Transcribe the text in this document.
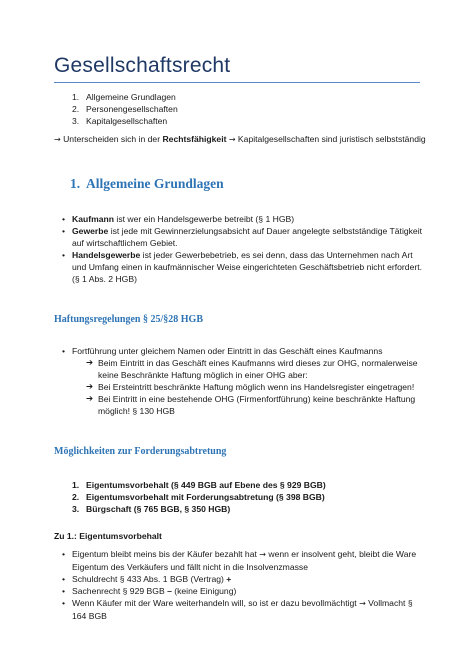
Gesellschaftsrecht
1. Allgemeine Grundlagen
2. Personengesellschaften
3. Kapitalgesellschaften
→ Unterscheiden sich in der Rechtsfähigkeit → Kapitalgesellschaften sind juristisch selbstständig
1. Allgemeine Grundlagen
• Kaufmann ist wer ein Handelsgewerbe betreibt (§ 1 HGB)
• Gewerbe ist jede mit Gewinnerzielungsabsicht auf Dauer angelegte selbstständige Tätigkeit auf wirtschaftlichem Gebiet.
• Handelsgewerbe ist jeder Gewerbebetrieb, es sei denn, dass das Unternehmen nach Art und Umfang einen in kaufmännischer Weise eingerichteten Geschäftsbetrieb nicht erfordert. (§ 1 Abs. 2 HGB)
Haftungsregelungen § 25/§28 HGB
• Fortführung unter gleichem Namen oder Eintritt in das Geschäft eines Kaufmanns
➔ Beim Eintritt in das Geschäft eines Kaufmanns wird dieses zur OHG, normalerweise keine Beschränkte Haftung möglich in einer OHG aber:
➔ Bei Ersteintritt beschränkte Haftung möglich wenn ins Handelsregister eingetragen!
➔ Bei Eintritt in eine bestehende OHG (Firmenfortführung) keine beschränkte Haftung möglich! § 130 HGB
Möglichkeiten zur Forderungsabtretung
1. Eigentumsvorbehalt (§ 449 BGB auf Ebene des § 929 BGB)
2. Eigentumsvorbehalt mit Forderungsabtretung (§ 398 BGB)
3. Bürgschaft (§ 765 BGB, § 350 HGB)
Zu 1.: Eigentumsvorbehalt
• Eigentum bleibt meins bis der Käufer bezahlt hat → wenn er insolvent geht, bleibt die Ware Eigentum des Verkäufers und fällt nicht in die Insolvenzmasse
• Schuldrecht § 433 Abs. 1 BGB (Vertrag) +
• Sachenrecht § 929 BGB – (keine Einigung)
• Wenn Käufer mit der Ware weiterhandeln will, so ist er dazu bevollmächtigt → Vollmacht § 164 BGB
